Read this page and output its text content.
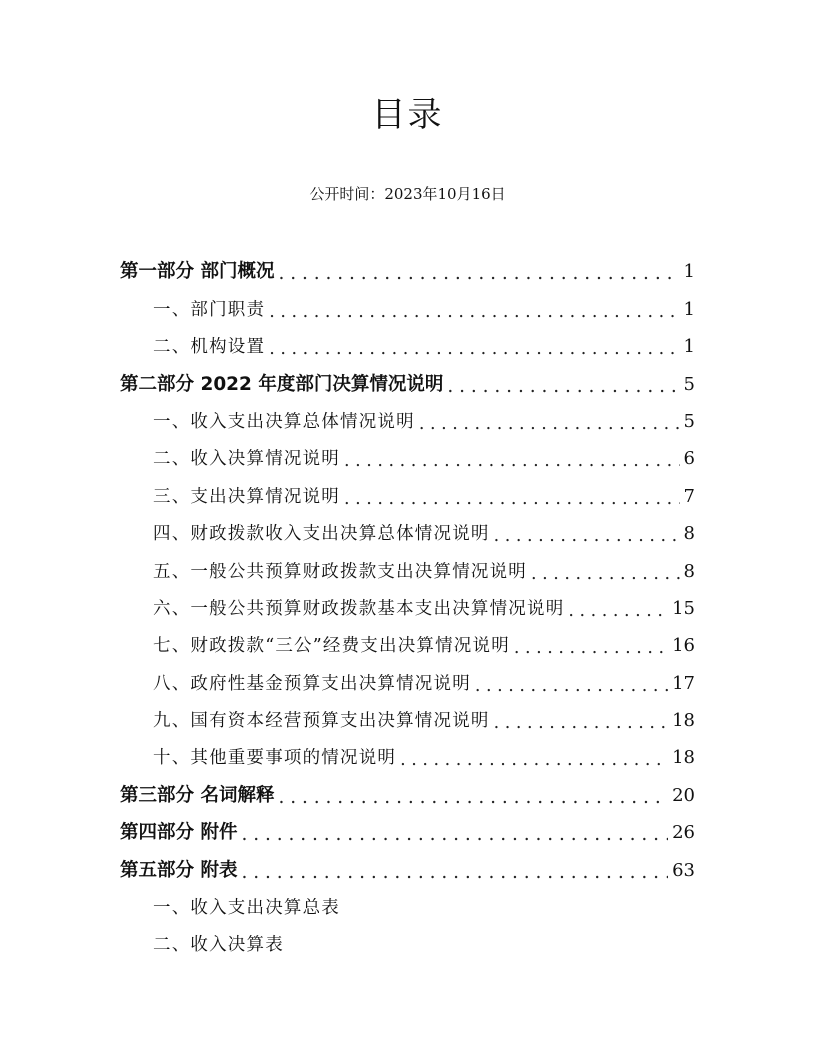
目录
公开时间：2023年10月16日
第一部分 部门概况 . . .	1
一、部门职责 . . .	1
二、机构设置 . . .	1
第二部分 2022 年度部门决算情况说明 . . .	5
一、收入支出决算总体情况说明 . . .	5
二、收入决算情况说明 . . .	6
三、支出决算情况说明 . . .	7
四、财政拨款收入支出决算总体情况说明 . . .	8
五、一般公共预算财政拨款支出决算情况说明 . . .	8
六、一般公共预算财政拨款基本支出决算情况说明 . . .	15
七、财政拨款“三公”经费支出决算情况说明 . . .	16
八、政府性基金预算支出决算情况说明 . . .	17
九、国有资本经营预算支出决算情况说明 . . .	18
十、其他重要事项的情况说明 . . .	18
第三部分 名词解释 . . .	20
第四部分 附件 . . .	26
第五部分 附表 . . .	63
一、收入支出决算总表
二、收入决算表
